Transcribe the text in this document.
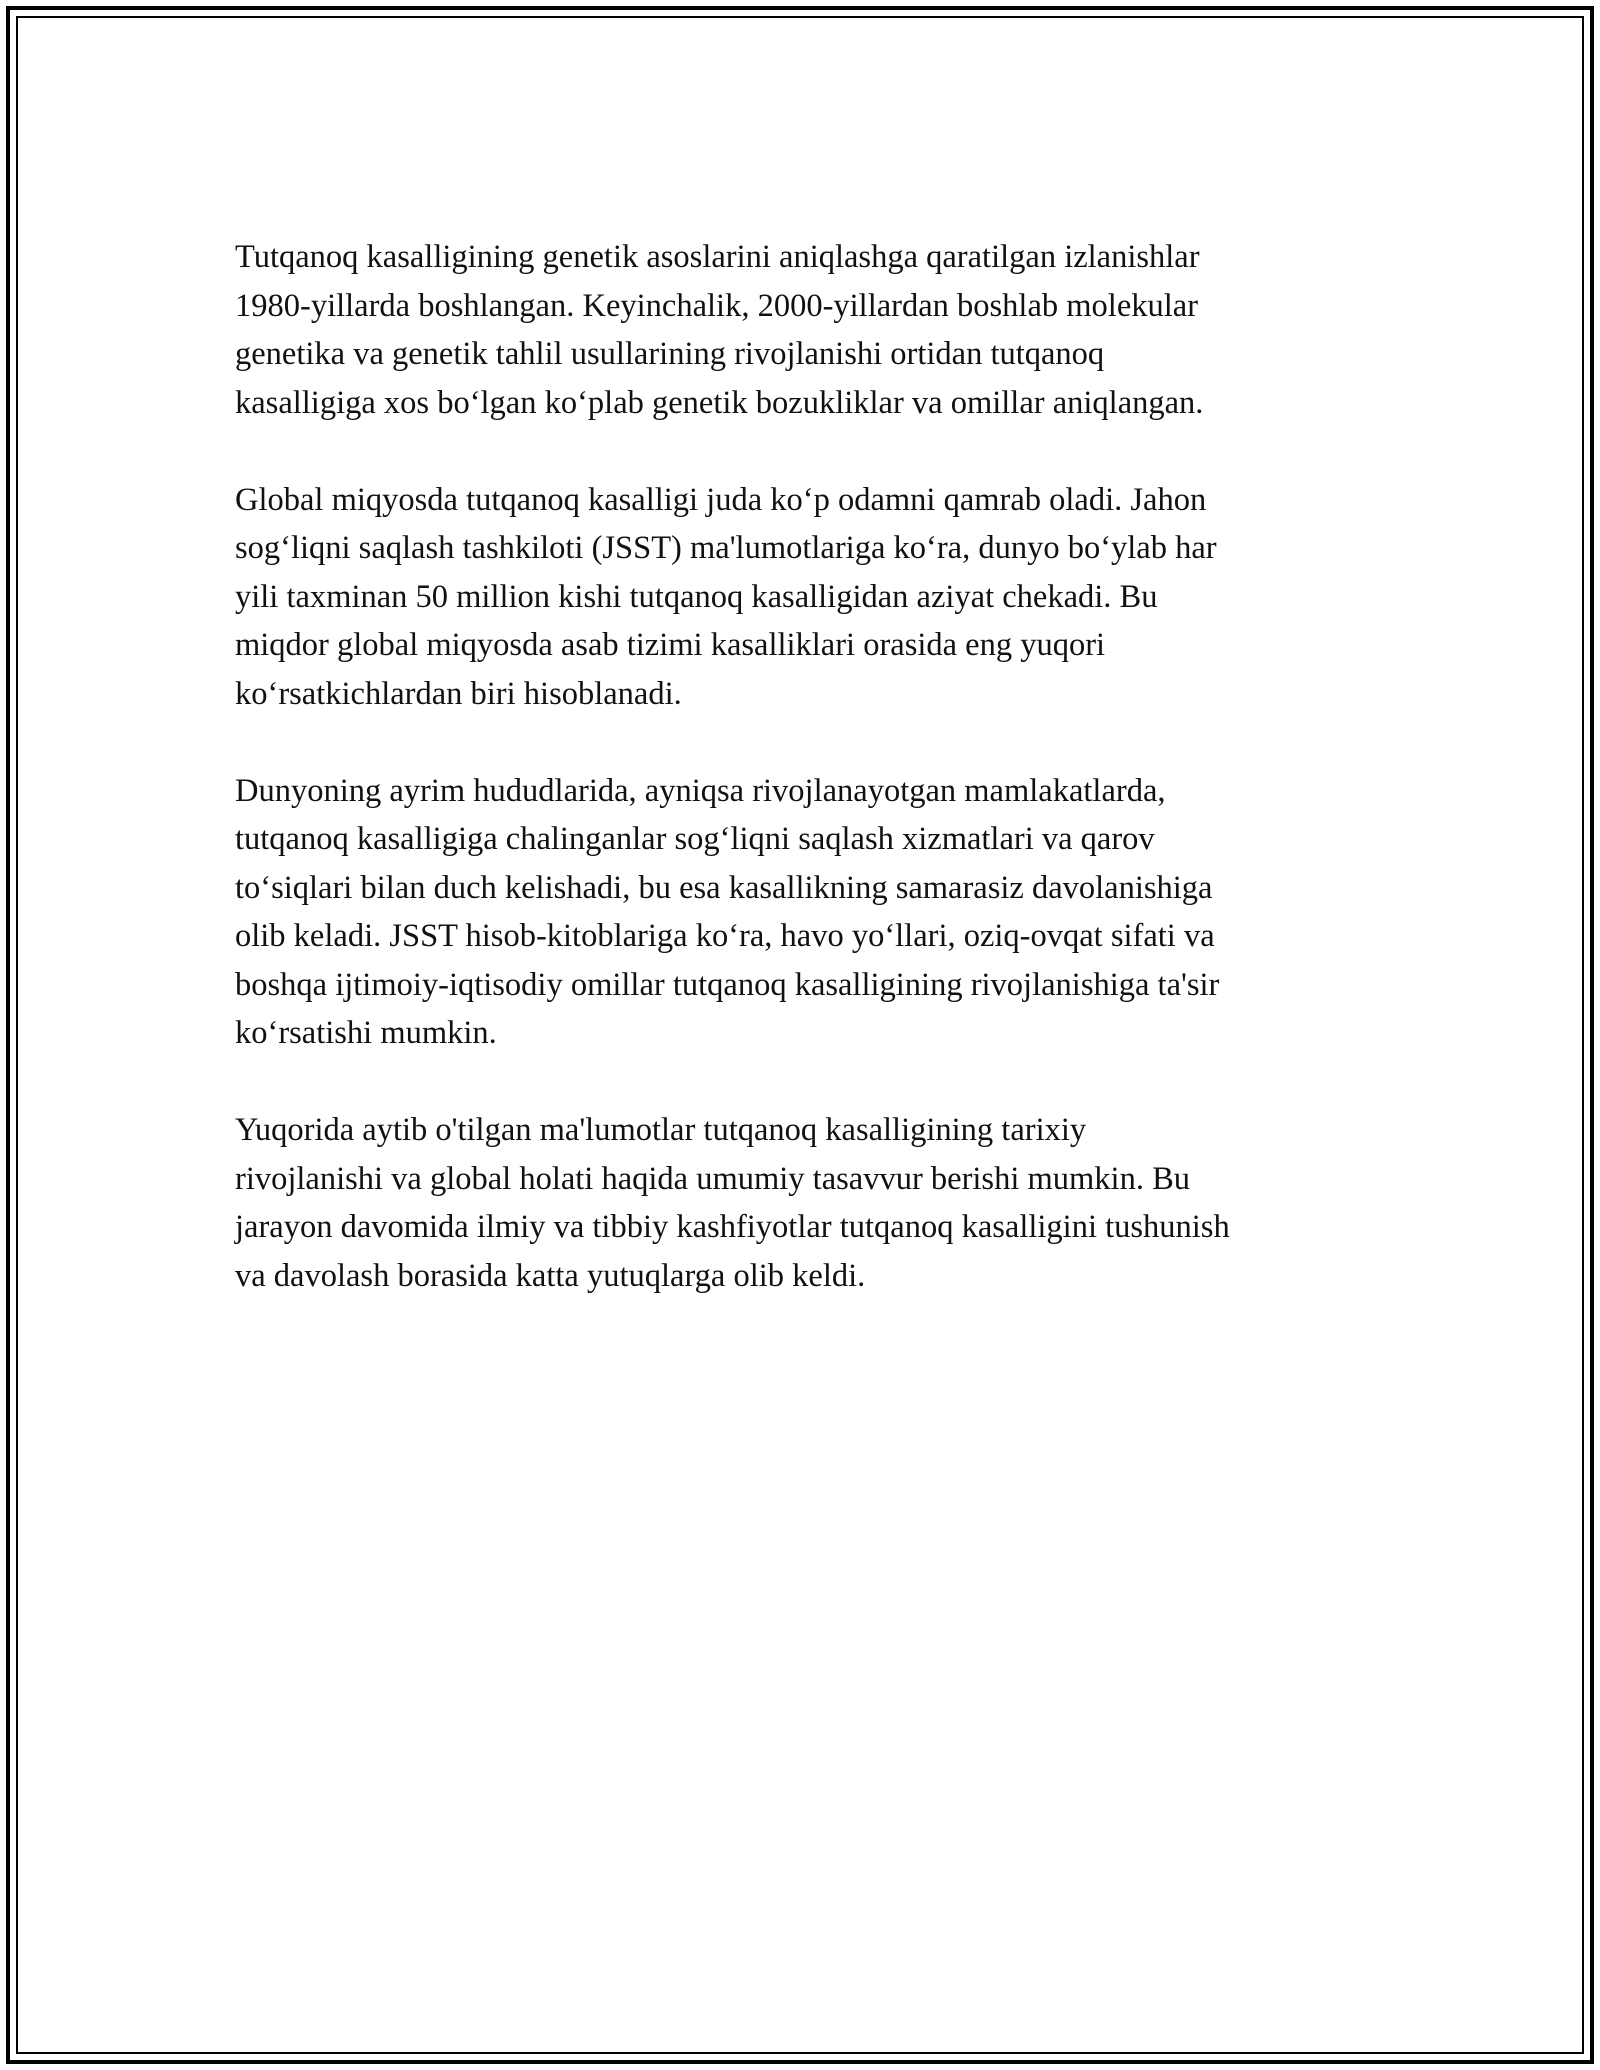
Tutqanoq kasalligining genetik asoslarini aniqlashga qaratilgan izlanishlar
1980-yillarda boshlangan. Keyinchalik, 2000-yillardan boshlab molekular
genetika va genetik tahlil usullarining rivojlanishi ortidan tutqanoq
kasalligiga xos bo‘lgan ko‘plab genetik bozukliklar va omillar aniqlangan.

Global miqyosda tutqanoq kasalligi juda ko‘p odamni qamrab oladi. Jahon
sog‘liqni saqlash tashkiloti (JSST) ma'lumotlariga ko‘ra, dunyo bo‘ylab har
yili taxminan 50 million kishi tutqanoq kasalligidan aziyat chekadi. Bu
miqdor global miqyosda asab tizimi kasalliklari orasida eng yuqori
ko‘rsatkichlardan biri hisoblanadi.

Dunyoning ayrim hududlarida, ayniqsa rivojlanayotgan mamlakatlarda,
tutqanoq kasalligiga chalinganlar sog‘liqni saqlash xizmatlari va qarov
to‘siqlari bilan duch kelishadi, bu esa kasallikning samarasiz davolanishiga
olib keladi. JSST hisob-kitoblariga ko‘ra, havo yo‘llari, oziq-ovqat sifati va
boshqa ijtimoiy-iqtisodiy omillar tutqanoq kasalligining rivojlanishiga ta'sir
ko‘rsatishi mumkin.

Yuqorida aytib o'tilgan ma'lumotlar tutqanoq kasalligining tarixiy
rivojlanishi va global holati haqida umumiy tasavvur berishi mumkin. Bu
jarayon davomida ilmiy va tibbiy kashfiyotlar tutqanoq kasalligini tushunish
va davolash borasida katta yutuqlarga olib keldi.
